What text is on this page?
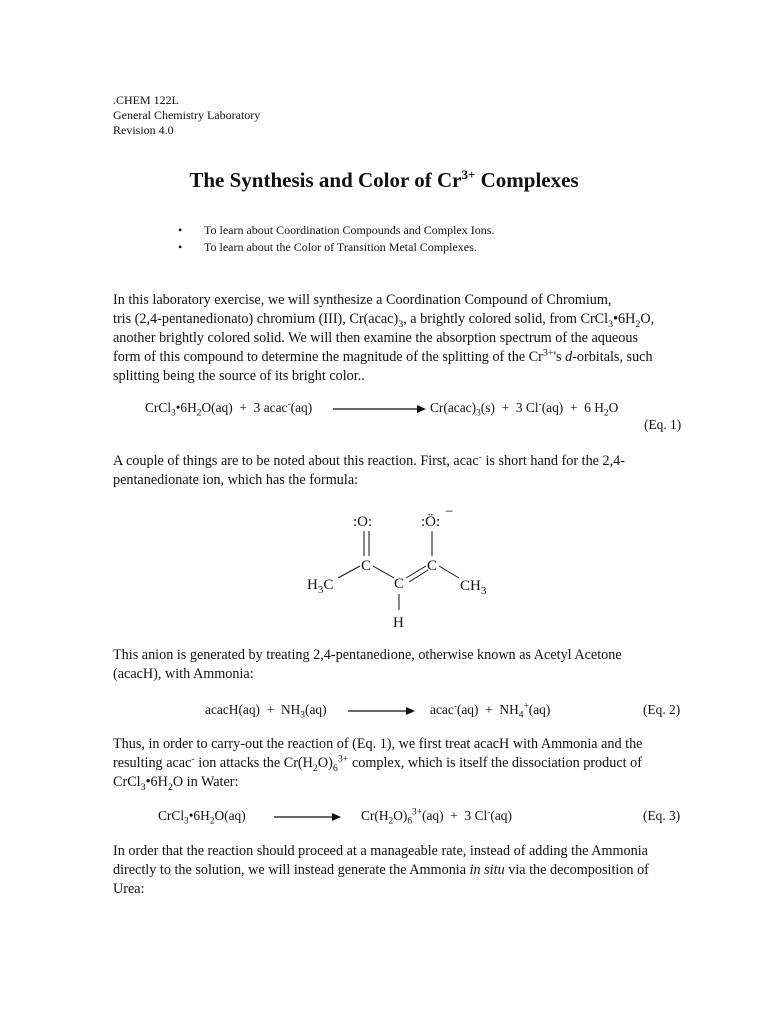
.CHEM 122L
General Chemistry Laboratory
Revision 4.0
The Synthesis and Color of $Cr^{3+}$ Complexes
• To learn about Coordination Compounds and Complex Ions.
• To learn about the Color of Transition Metal Complexes.
In this laboratory exercise, we will synthesize a Coordination Compound of Chromium,
tris (2,4-pentanedionato) chromium (III), $Cr(acac)_3$, a brightly colored solid, from $CrCl_3•6H_2O$,
another brightly colored solid. We will then examine the absorption spectrum of the aqueous
form of this compound to determine the magnitude of the splitting of the $Cr^{3+}'s$ d-orbitals, such
splitting being the source of its bright color..
$CrCl_3•6H_2O(aq) + 3$ acac-(aq)	$Cr(acac)_3(s) + 3$ Cl-(aq)  +  6 $H_2O$
(Eq. 1)
A couple of things are to be noted about this reaction. First, acac- is short hand for the 2,4-
pentanedionate ion, which has the formula:
:O:	:Ö:
−
C	C
C
$H_3C$	$CH_3$
H
This anion is generated by treating 2,4-pentanedione, otherwise known as Acetyl Acetone
(acacH), with Ammonia:
acacH(aq)  +  $NH_3(aq)$	acac-(aq)  +  $NH_4^+(aq)$	(Eq. 2)
Thus, in order to carry-out the reaction of (Eq. 1), we first treat acacH with Ammonia and the
resulting acac- ion attacks the $Cr(H_2O)_6^{3+}$ complex, which is itself the dissociation product of
$CrCl_3•6H_2O$ in Water:
$CrCl_3•6H_2O(aq)$	$Cr(H_2O)_6^{3+}(aq) + 3$ Cl-(aq)	(Eq. 3)
In order that the reaction should proceed at a manageable rate, instead of adding the Ammonia
directly to the solution, we will instead generate the Ammonia in situ via the decomposition of
Urea:
